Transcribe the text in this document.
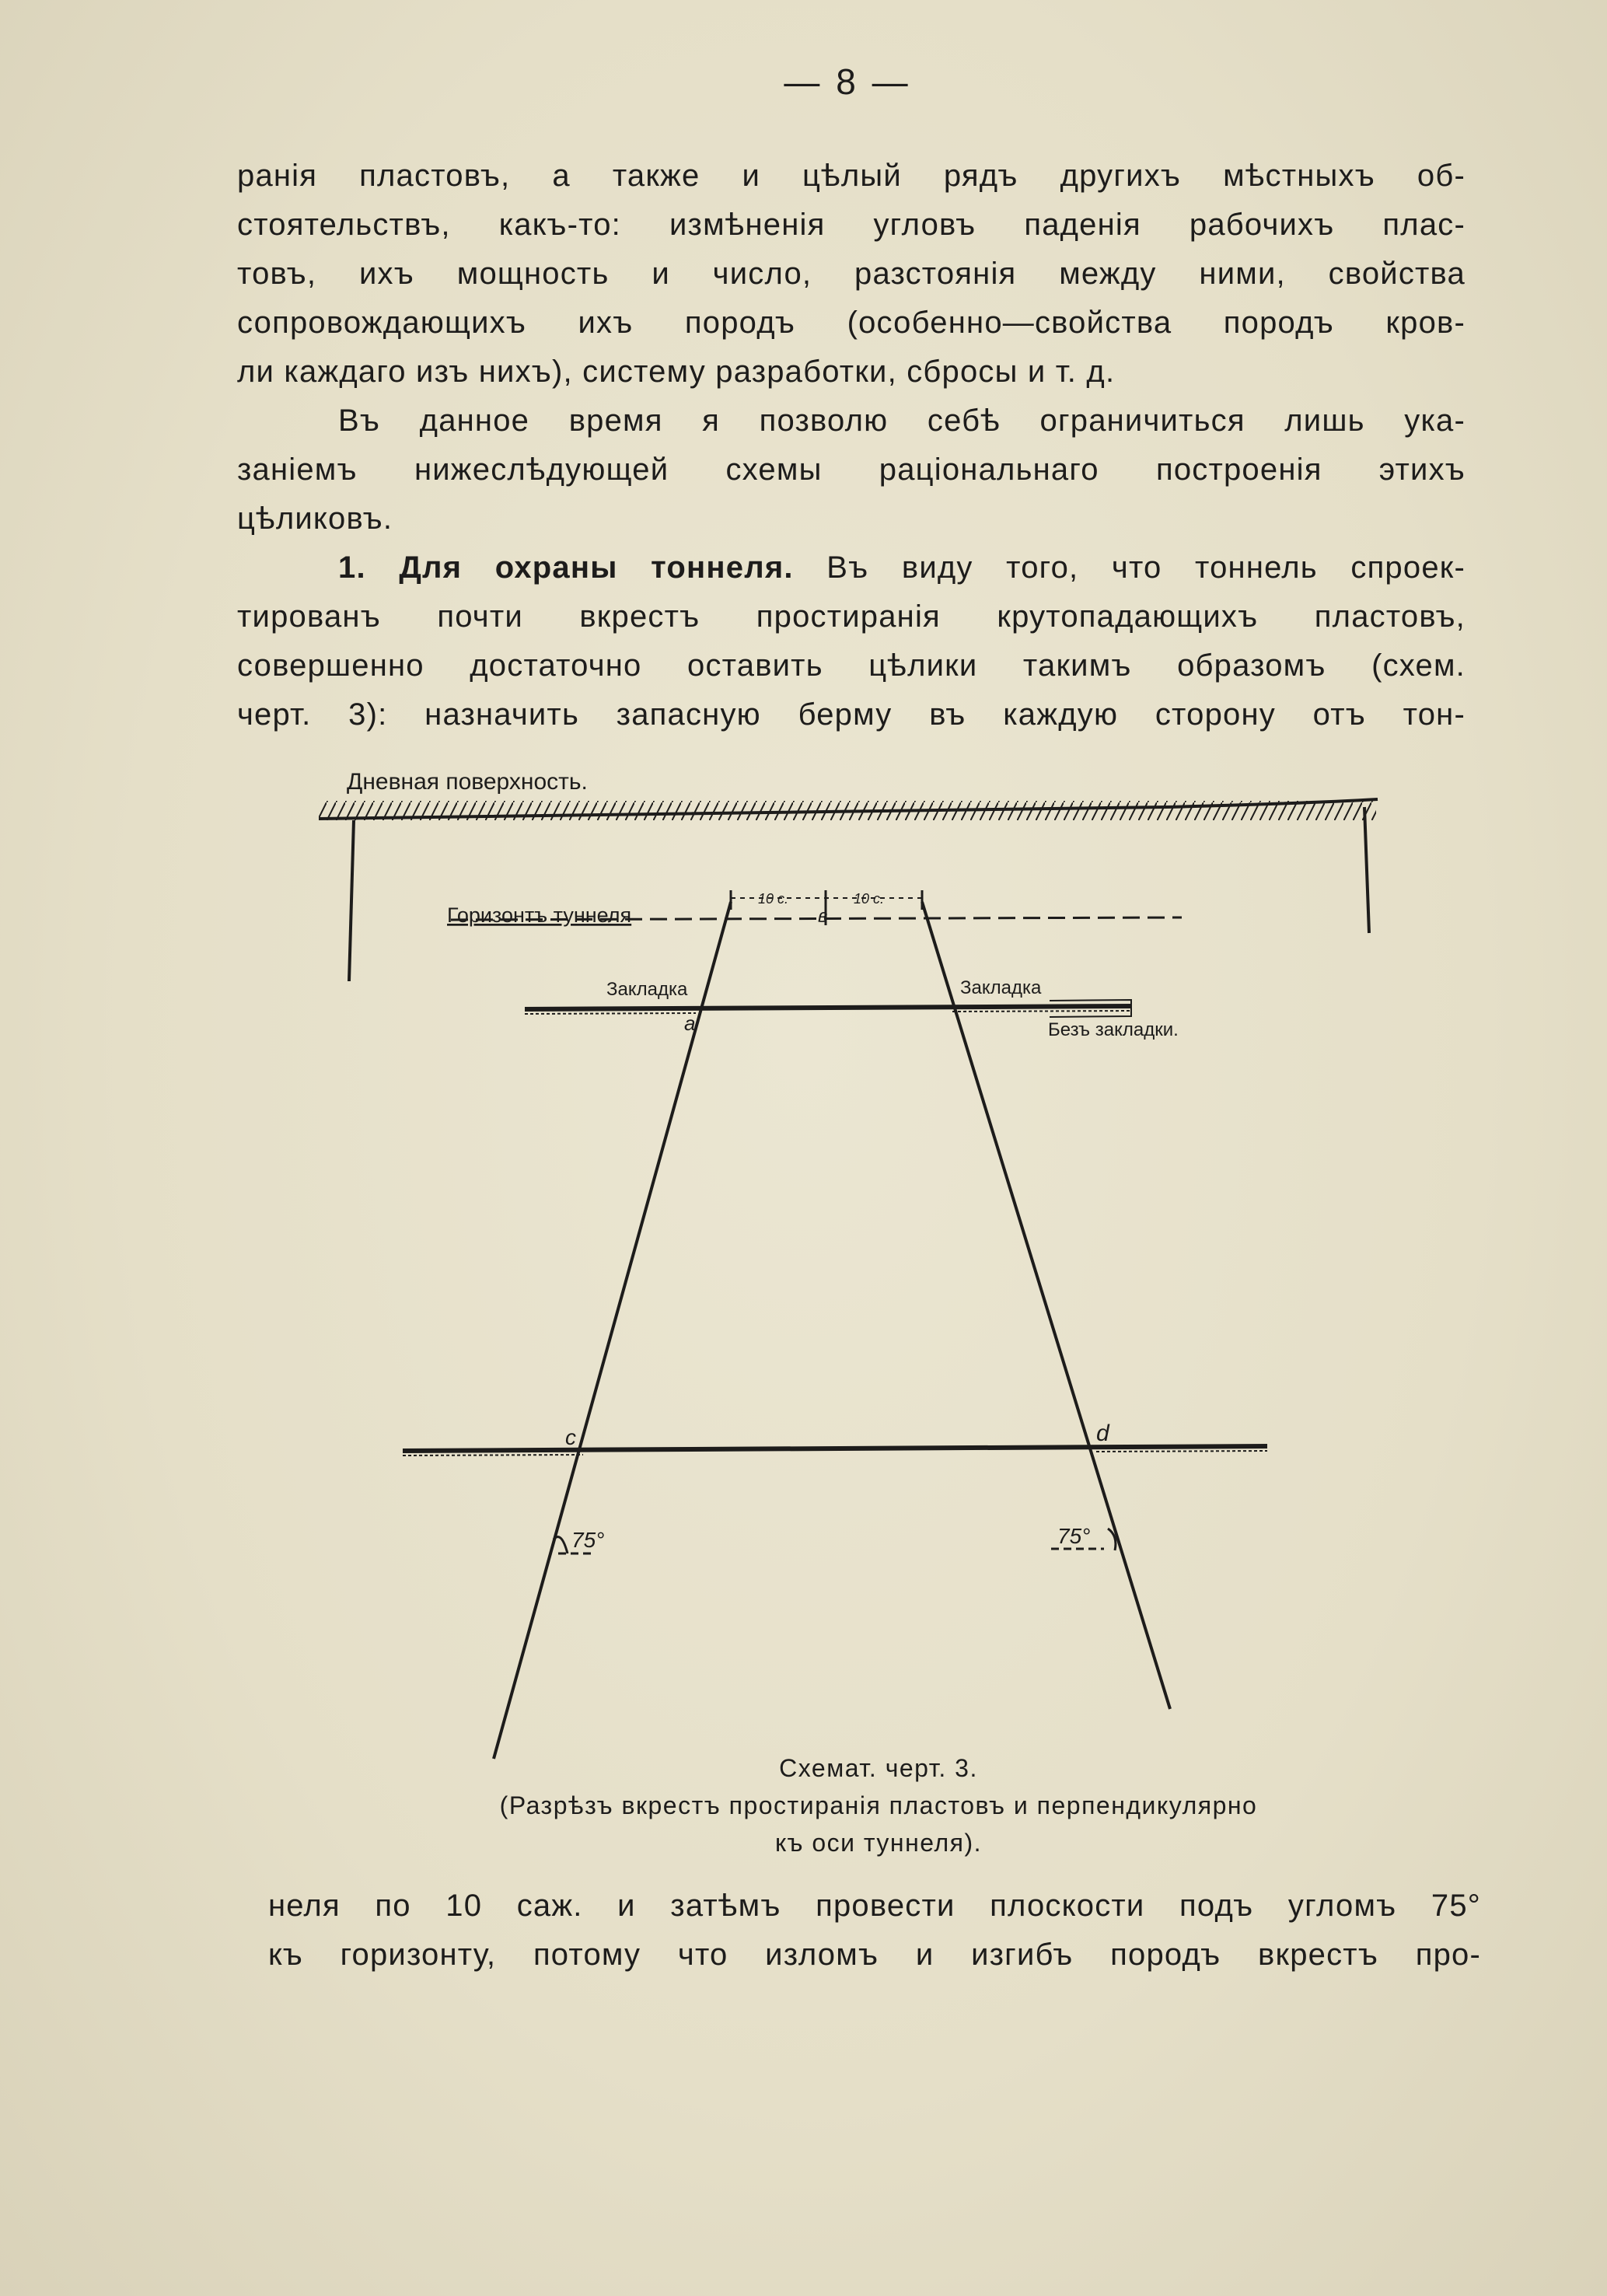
— 8 —
ранія пластовъ, а также и цѣлый рядъ другихъ мѣстныхъ об-
стоятельствъ, какъ-то: измѣненія угловъ паденія рабочихъ плас-
товъ, ихъ мощность и число, разстоянія между ними, свойства
сопровождающихъ ихъ породъ (особенно—свойства породъ кров-
ли каждаго изъ нихъ), систему разработки, сбросы и т. д.
Въ данное время я позволю себѣ ограничиться лишь ука-
заніемъ нижеслѣдующей схемы раціональнаго построенія этихъ
цѣликовъ.
1. Для охраны тоннеля. Въ виду того, что тоннель спроек-
тированъ почти вкрестъ простиранія крутопадающихъ пластовъ,
совершенно достаточно оставить цѣлики такимъ образомъ (схем.
черт. 3): назначить запасную берму въ каждую сторону отъ тон-
Дневная поверхность.
Горизонтъ туннеля
10 с.	10 с.
Закладка	Закладка
Безъ закладки.
a
в
c	d
75°	75°
Схемат. черт. 3.
(Разрѣзъ вкрестъ простиранія пластовъ и перпендикулярно
къ оси туннеля).
неля по 10 саж. и затѣмъ провести плоскости подъ угломъ 75°
къ горизонту, потому что изломъ и изгибъ породъ вкрестъ про-
